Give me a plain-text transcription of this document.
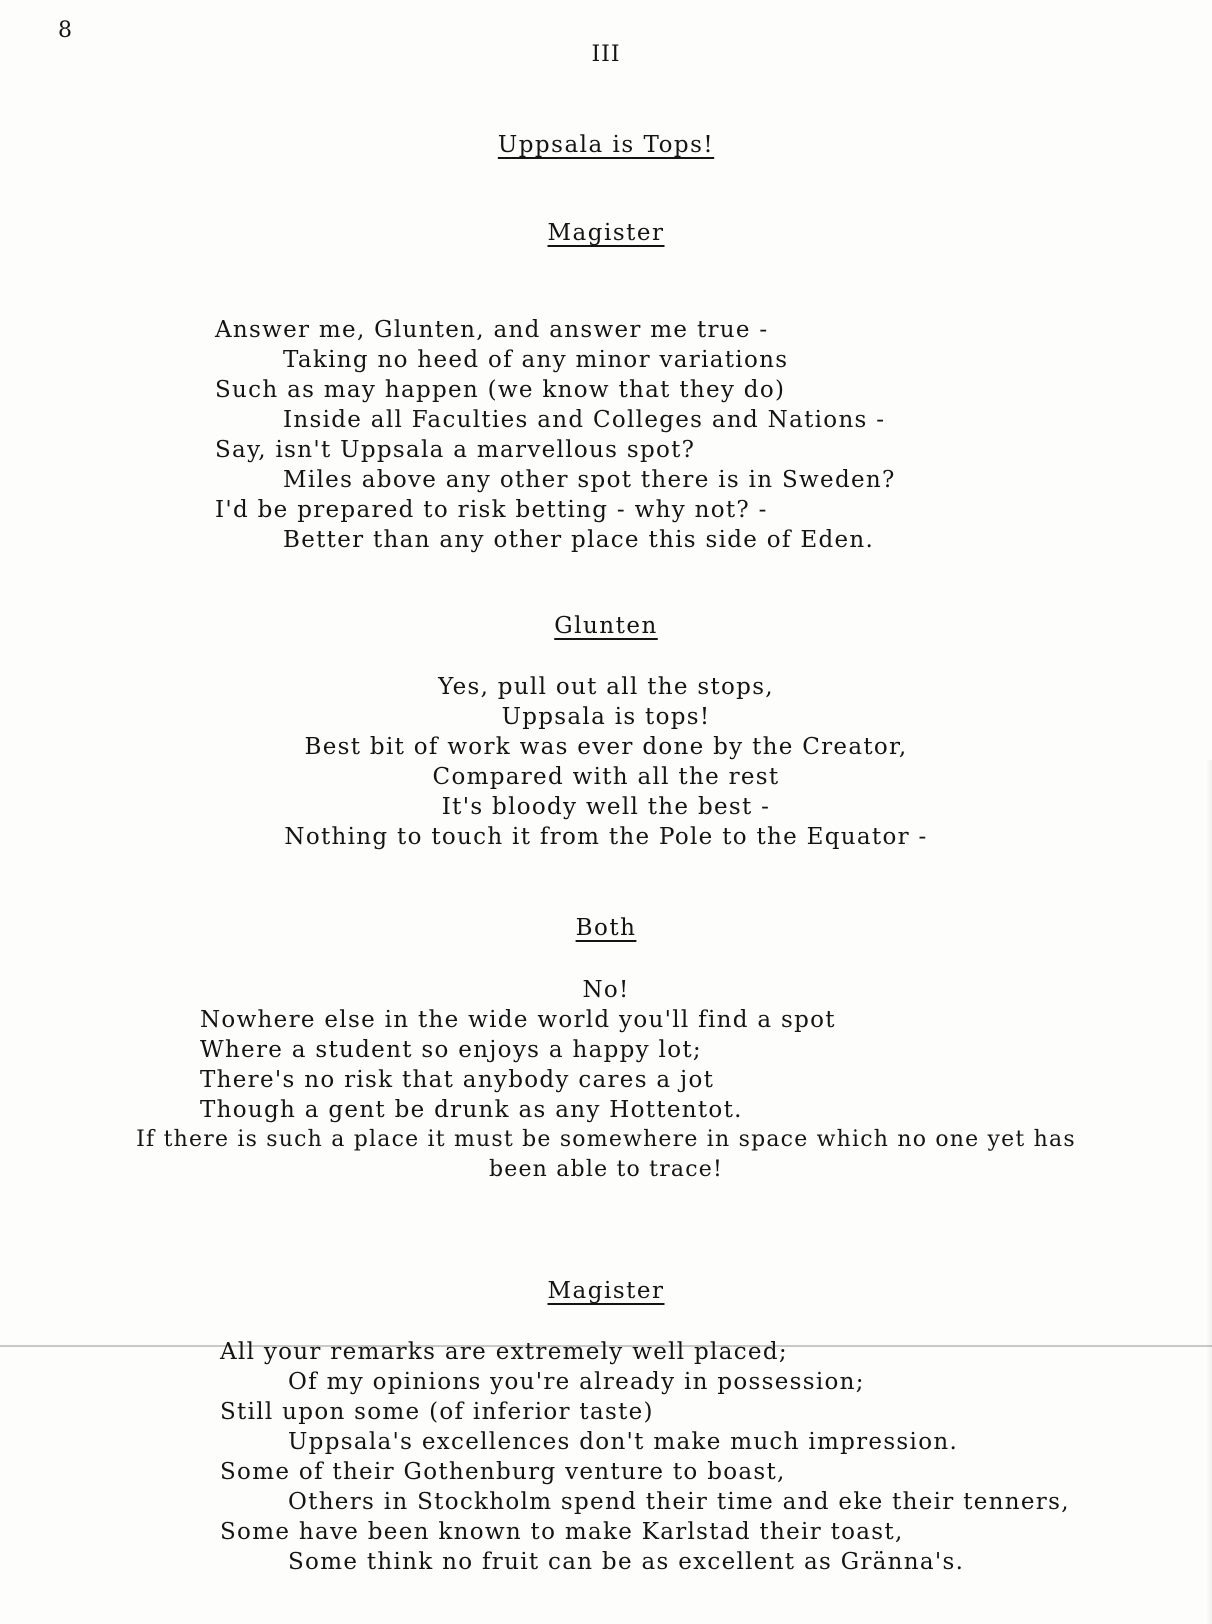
8
III
Uppsala is Tops!
Magister
Answer me, Glunten, and answer me true -
Taking no heed of any minor variations
Such as may happen (we know that they do)
Inside all Faculties and Colleges and Nations -
Say, isn't Uppsala a marvellous spot?
Miles above any other spot there is in Sweden?
I'd be prepared to risk betting - why not? -
Better than any other place this side of Eden.
Glunten
Yes, pull out all the stops,
Uppsala is tops!
Best bit of work was ever done by the Creator,
Compared with all the rest
It's bloody well the best -
Nothing to touch it from the Pole to the Equator -
Both
No!
Nowhere else in the wide world you'll find a spot
Where a student so enjoys a happy lot;
There's no risk that anybody cares a jot
Though a gent be drunk as any Hottentot.
If there is such a place it must be somewhere in space which no one yet has
been able to trace!
Magister
All your remarks are extremely well placed;
Of my opinions you're already in possession;
Still upon some (of inferior taste)
Uppsala's excellences don't make much impression.
Some of their Gothenburg venture to boast,
Others in Stockholm spend their time and eke their tenners,
Some have been known to make Karlstad their toast,
Some think no fruit can be as excellent as Gränna's.
